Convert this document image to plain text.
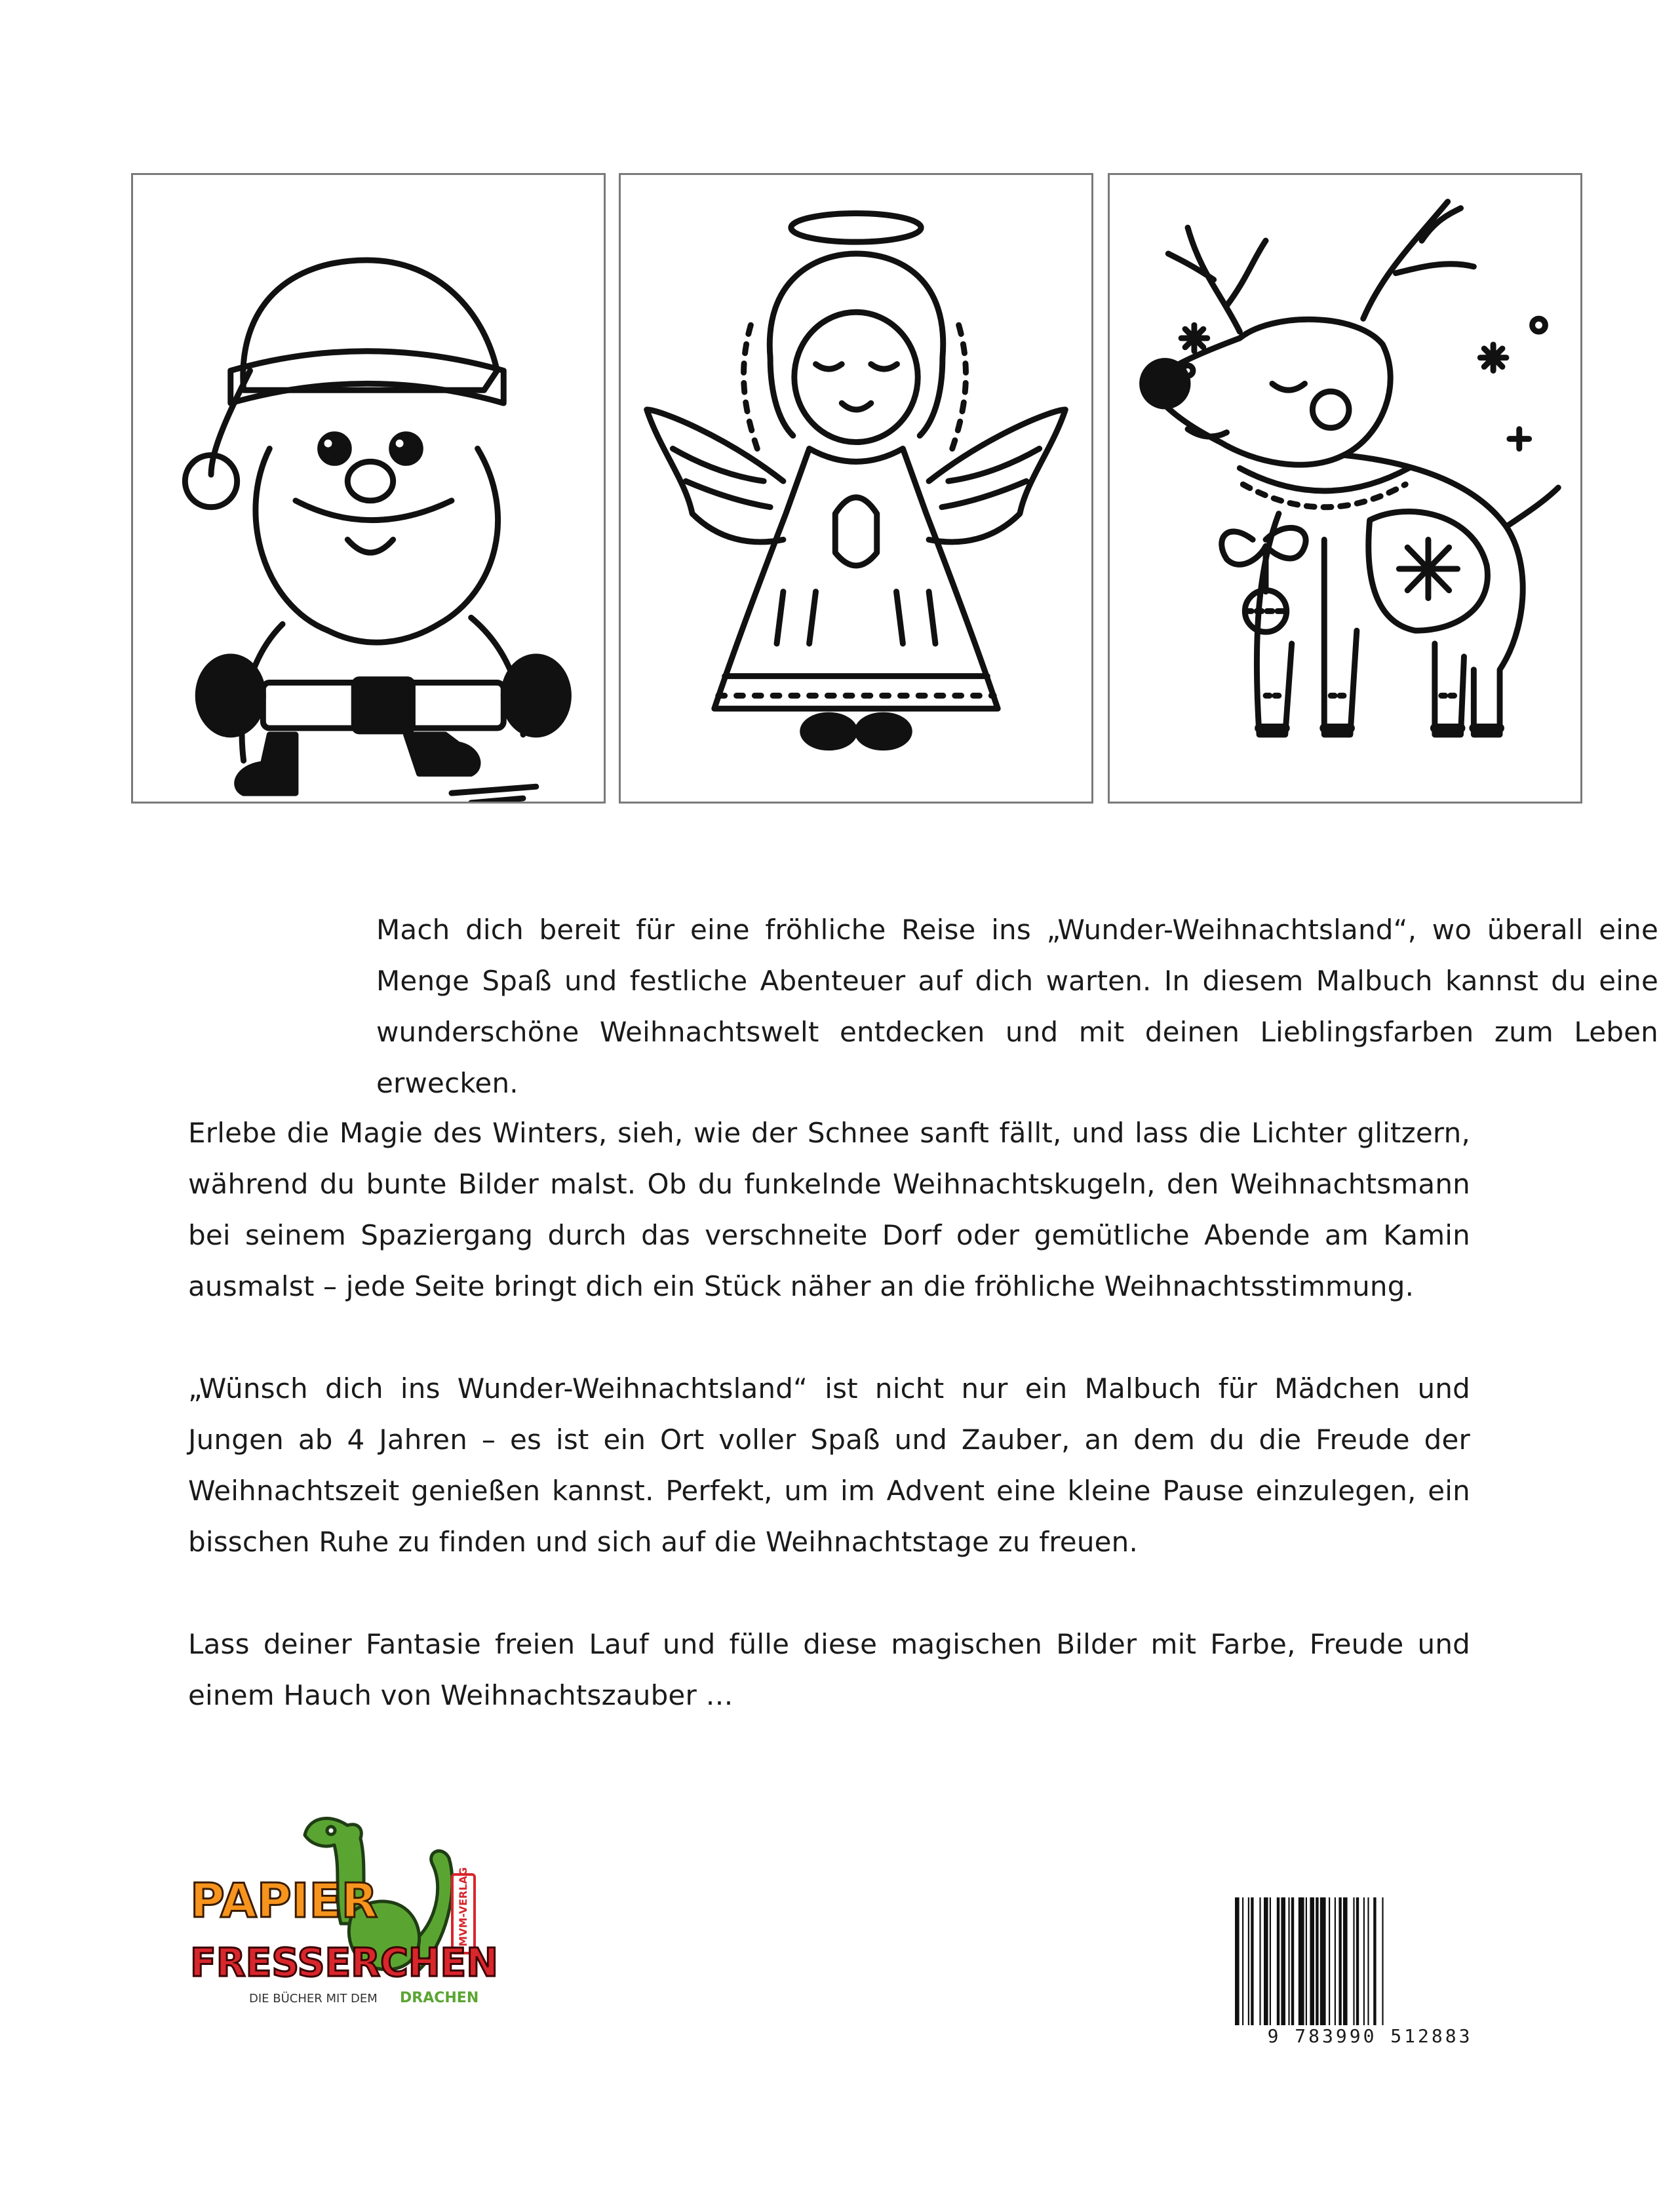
Mach dich bereit für eine fröhliche Reise ins „Wunder-Weihnachtsland“, wo überall eine Menge Spaß und festliche Abenteuer auf dich warten. In diesem Malbuch kannst du eine wunderschöne Weihnachtswelt entdecken und mit deinen Lieblingsfarben zum Leben erwecken.

Erlebe die Magie des Winters, sieh, wie der Schnee sanft fällt, und lass die Lichter glitzern, während du bunte Bilder malst. Ob du funkelnde Weihnachtskugeln, den Weihnachtsmann bei seinem Spaziergang durch das verschneite Dorf oder gemütliche Abende am Kamin ausmalst – jede Seite bringt dich ein Stück näher an die fröhliche Weihnachtsstimmung.

„Wünsch dich ins Wunder-Weihnachtsland“ ist nicht nur ein Malbuch für Mädchen und Jungen ab 4 Jahren – es ist ein Ort voller Spaß und Zauber, an dem du die Freude der Weihnachtszeit genießen kannst. Perfekt, um im Advent eine kleine Pause einzulegen, ein bisschen Ruhe zu finden und sich auf die Weihnachtstage zu freuen.

Lass deiner Fantasie freien Lauf und fülle diese magischen Bilder mit Farbe, Freude und einem Hauch von Weihnachtszauber …

MVM-VERLAG
PAPIER
FRESSERCHEN
DIE BÜCHER MIT DEM DRACHEN
9 783990 512883
